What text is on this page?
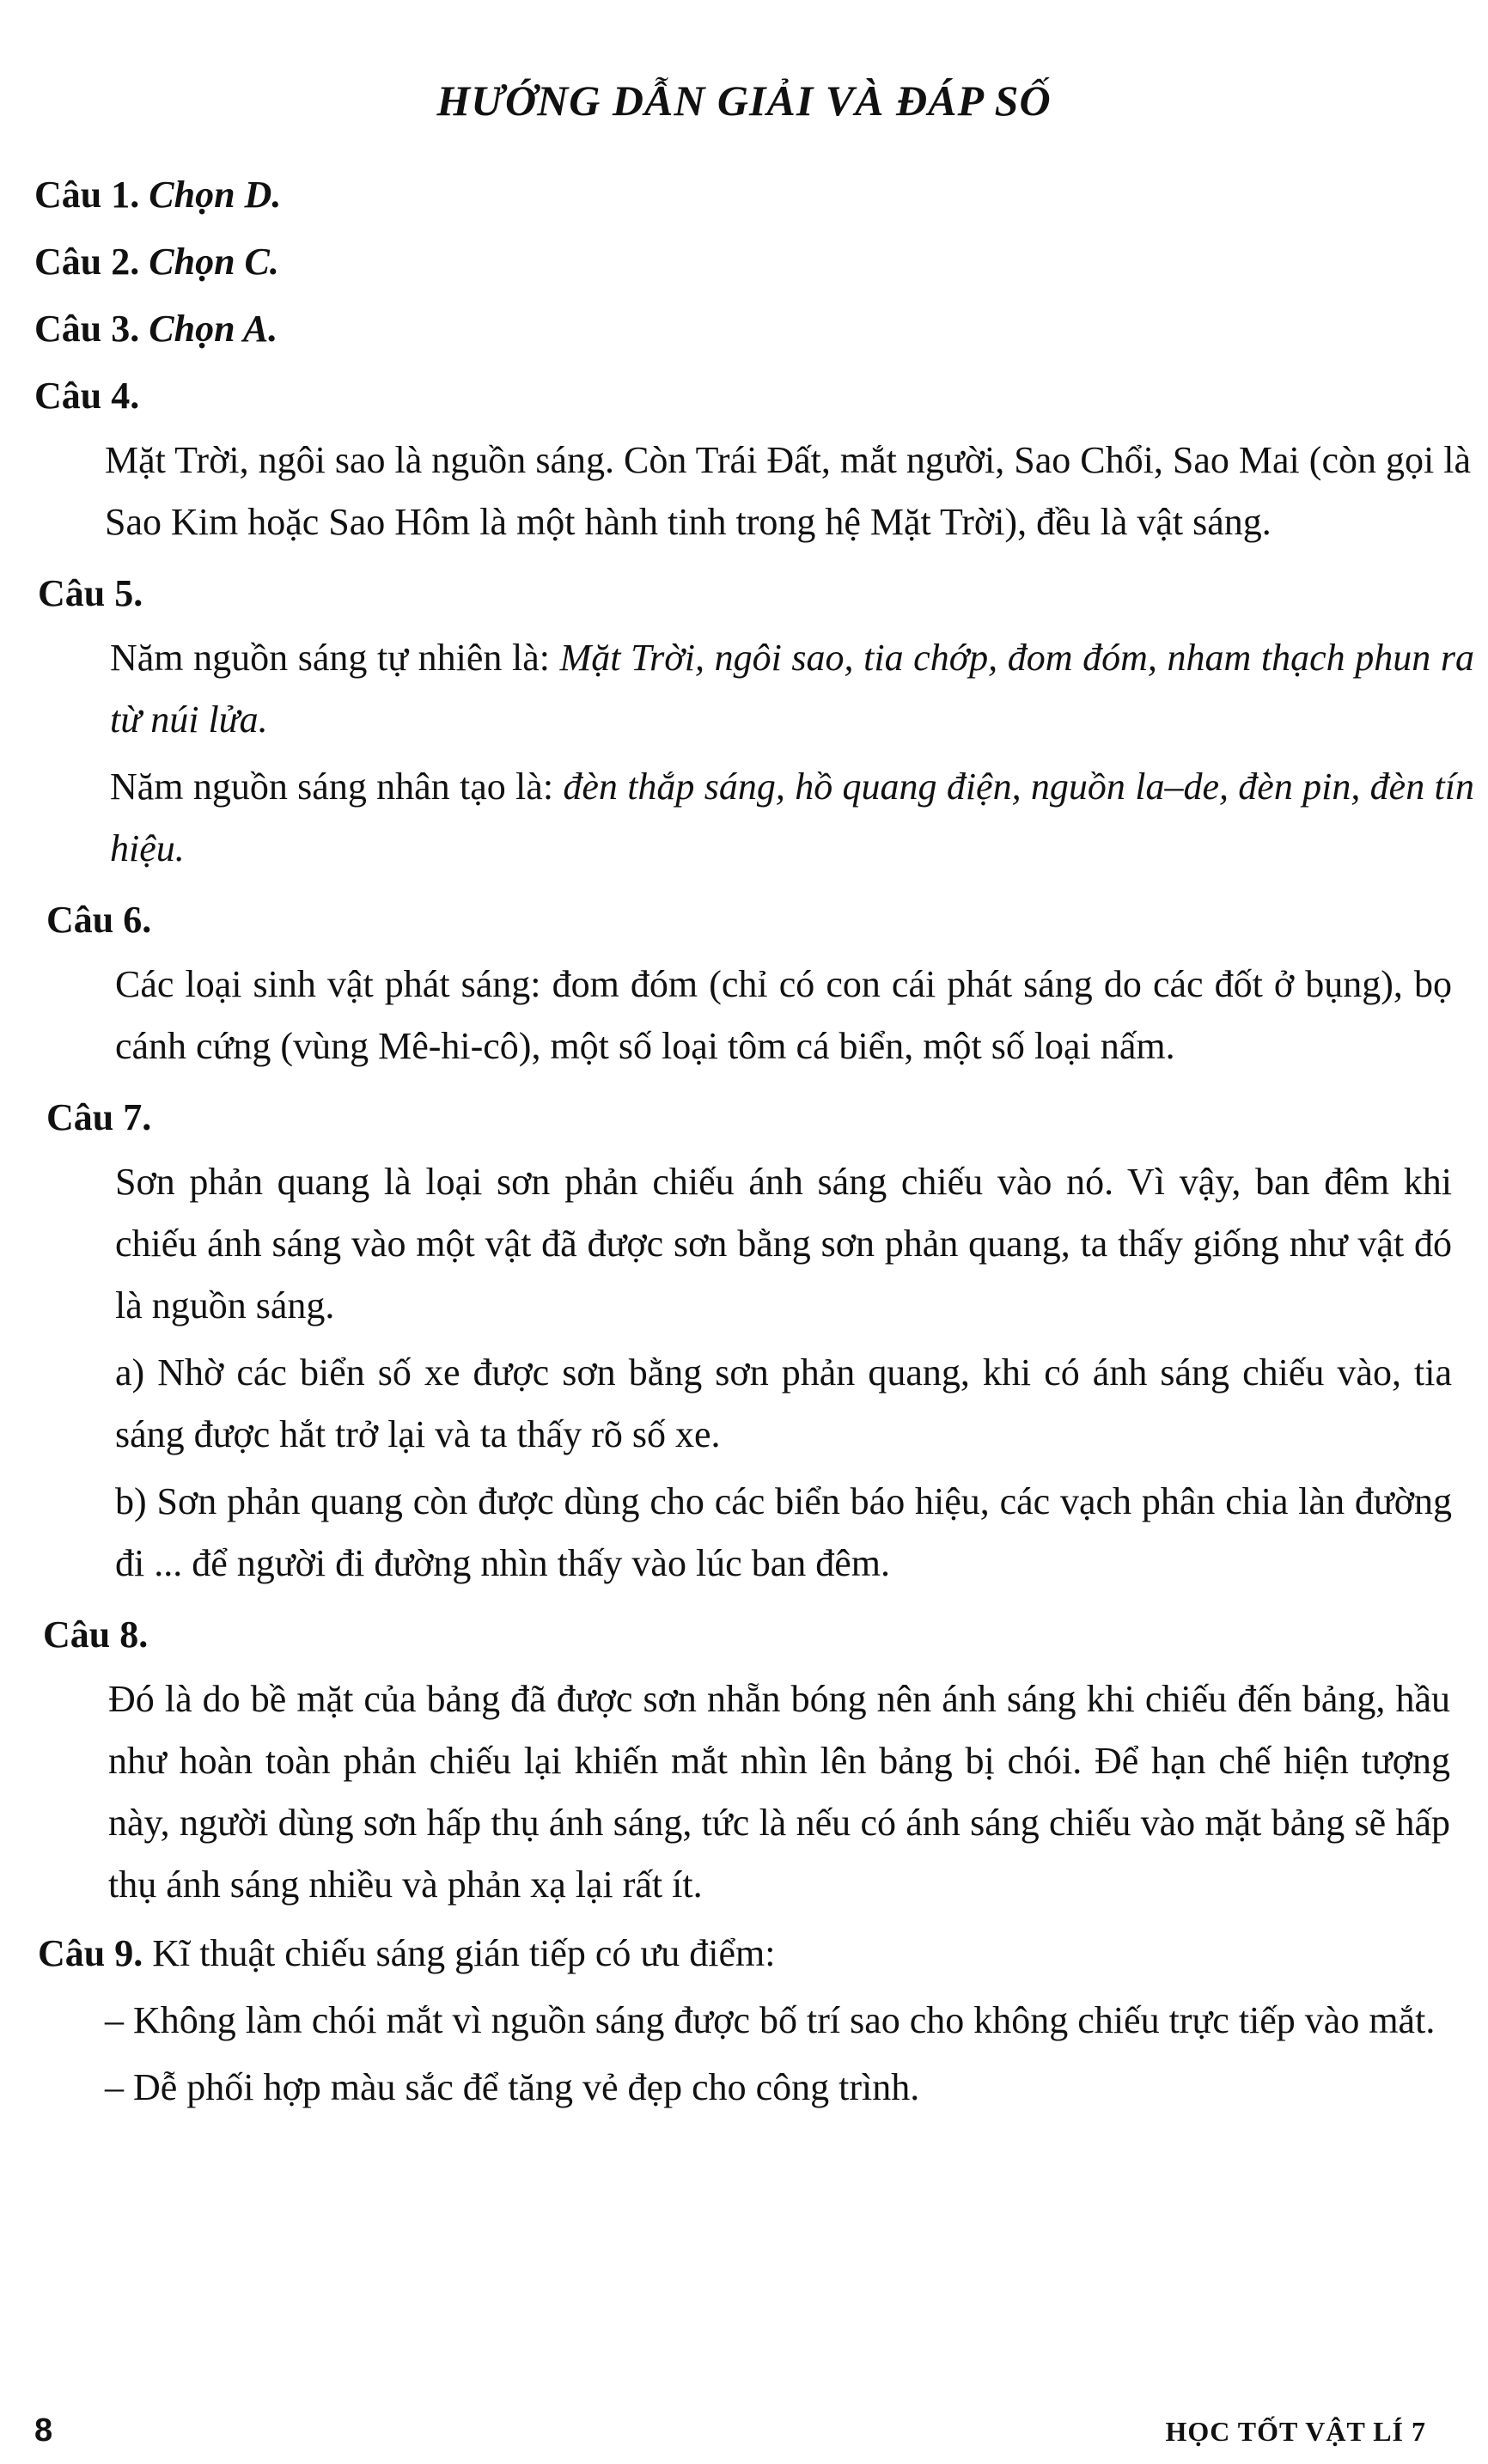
HƯỚNG DẪN GIẢI VÀ ĐÁP SỐ
Câu 1. Chọn D.
Câu 2. Chọn C.
Câu 3. Chọn A.
Câu 4.
Mặt Trời, ngôi sao là nguồn sáng. Còn Trái Đất, mắt người, Sao Chổi, Sao Mai (còn gọi là Sao Kim hoặc Sao Hôm là một hành tinh trong hệ Mặt Trời), đều là vật sáng.
Câu 5.
Năm nguồn sáng tự nhiên là: Mặt Trời, ngôi sao, tia chớp, đom đóm, nham thạch phun ra từ núi lửa.
Năm nguồn sáng nhân tạo là: đèn thắp sáng, hồ quang điện, nguồn la–de, đèn pin, đèn tín hiệu.
Câu 6.
Các loại sinh vật phát sáng: đom đóm (chỉ có con cái phát sáng do các đốt ở bụng), bọ cánh cứng (vùng Mê-hi-cô), một số loại tôm cá biển, một số loại nấm.
Câu 7.
Sơn phản quang là loại sơn phản chiếu ánh sáng chiếu vào nó. Vì vậy, ban đêm khi chiếu ánh sáng vào một vật đã được sơn bằng sơn phản quang, ta thấy giống như vật đó là nguồn sáng.
a) Nhờ các biển số xe được sơn bằng sơn phản quang, khi có ánh sáng chiếu vào, tia sáng được hắt trở lại và ta thấy rõ số xe.
b) Sơn phản quang còn được dùng cho các biển báo hiệu, các vạch phân chia làn đường đi ... để người đi đường nhìn thấy vào lúc ban đêm.
Câu 8.
Đó là do bề mặt của bảng đã được sơn nhẵn bóng nên ánh sáng khi chiếu đến bảng, hầu như hoàn toàn phản chiếu lại khiến mắt nhìn lên bảng bị chói. Để hạn chế hiện tượng này, người dùng sơn hấp thụ ánh sáng, tức là nếu có ánh sáng chiếu vào mặt bảng sẽ hấp thụ ánh sáng nhiều và phản xạ lại rất ít.
Câu 9. Kĩ thuật chiếu sáng gián tiếp có ưu điểm:
– Không làm chói mắt vì nguồn sáng được bố trí sao cho không chiếu trực tiếp vào mắt.
– Dễ phối hợp màu sắc để tăng vẻ đẹp cho công trình.
8	HỌC TỐT VẬT LÍ 7
